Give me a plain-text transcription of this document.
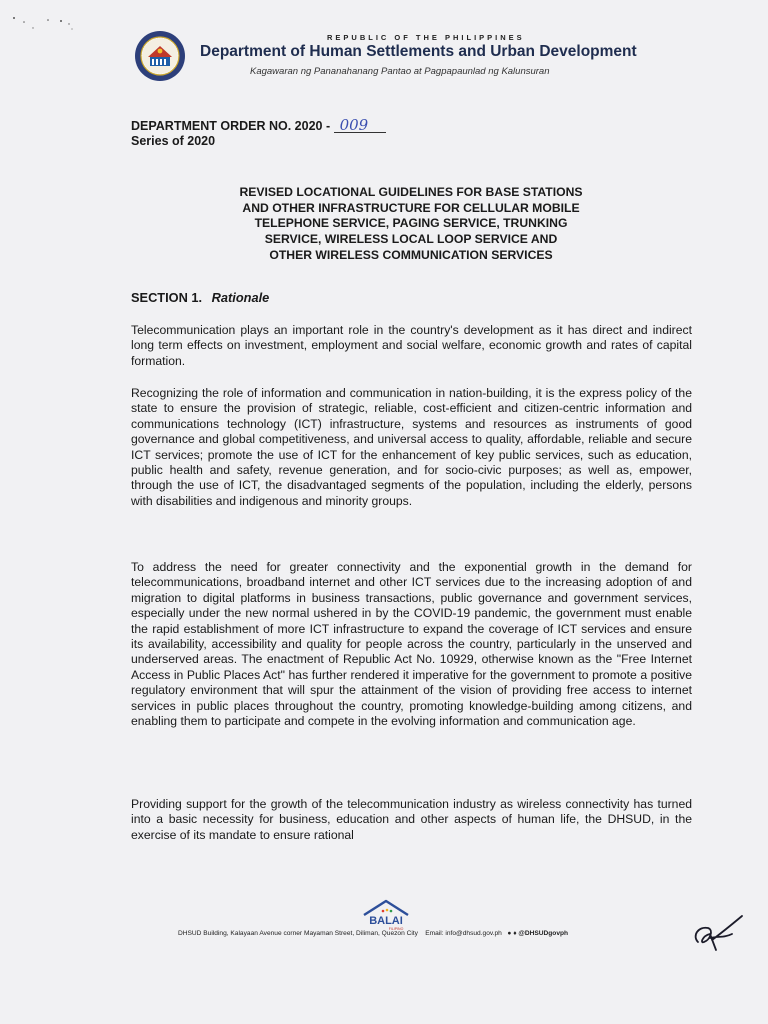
REPUBLIC OF THE PHILIPPINES
Department of Human Settlements and Urban Development
Kagawaran ng Pananahanang Pantao at Pagpapaunlad ng Kalunsuran
DEPARTMENT ORDER NO. 2020 - 009
Series of 2020
REVISED LOCATIONAL GUIDELINES FOR BASE STATIONS
AND OTHER INFRASTRUCTURE FOR CELLULAR MOBILE
TELEPHONE SERVICE, PAGING SERVICE, TRUNKING
SERVICE, WIRELESS LOCAL LOOP SERVICE AND
OTHER WIRELESS COMMUNICATION SERVICES
SECTION 1. Rationale
Telecommunication plays an important role in the country's development as it has direct and indirect long term effects on investment, employment and social welfare, economic growth and rates of capital formation.
Recognizing the role of information and communication in nation-building, it is the express policy of the state to ensure the provision of strategic, reliable, cost-efficient and citizen-centric information and communications technology (ICT) infrastructure, systems and resources as instruments of good governance and global competitiveness, and universal access to quality, affordable, reliable and secure ICT services; promote the use of ICT for the enhancement of key public services, such as education, public health and safety, revenue generation, and for socio-civic purposes; as well as, empower, through the use of ICT, the disadvantaged segments of the population, including the elderly, persons with disabilities and indigenous and minority groups.
To address the need for greater connectivity and the exponential growth in the demand for telecommunications, broadband internet and other ICT services due to the increasing adoption of and migration to digital platforms in business transactions, public governance and government services, especially under the new normal ushered in by the COVID-19 pandemic, the government must enable the rapid establishment of more ICT infrastructure to expand the coverage of ICT services and ensure its availability, accessibility and quality for people across the country, particularly in the unserved and underserved areas. The enactment of Republic Act No. 10929, otherwise known as the "Free Internet Access in Public Places Act" has further rendered it imperative for the government to promote a positive regulatory environment that will spur the attainment of the vision of providing free access to internet services in public places throughout the country, promoting knowledge-building among citizens, and enabling them to participate and compete in the evolving information and communication age.
Providing support for the growth of the telecommunication industry as wireless connectivity has turned into a basic necessity for business, education and other aspects of human life, the DHSUD, in the exercise of its mandate to ensure rational
BALAI
FILIPINO
DHSUD Building, Kalayaan Avenue corner Mayaman Street, Diliman, Quezon City Email: info@dhsud.gov.ph ● ♦ @DHSUDgovph
